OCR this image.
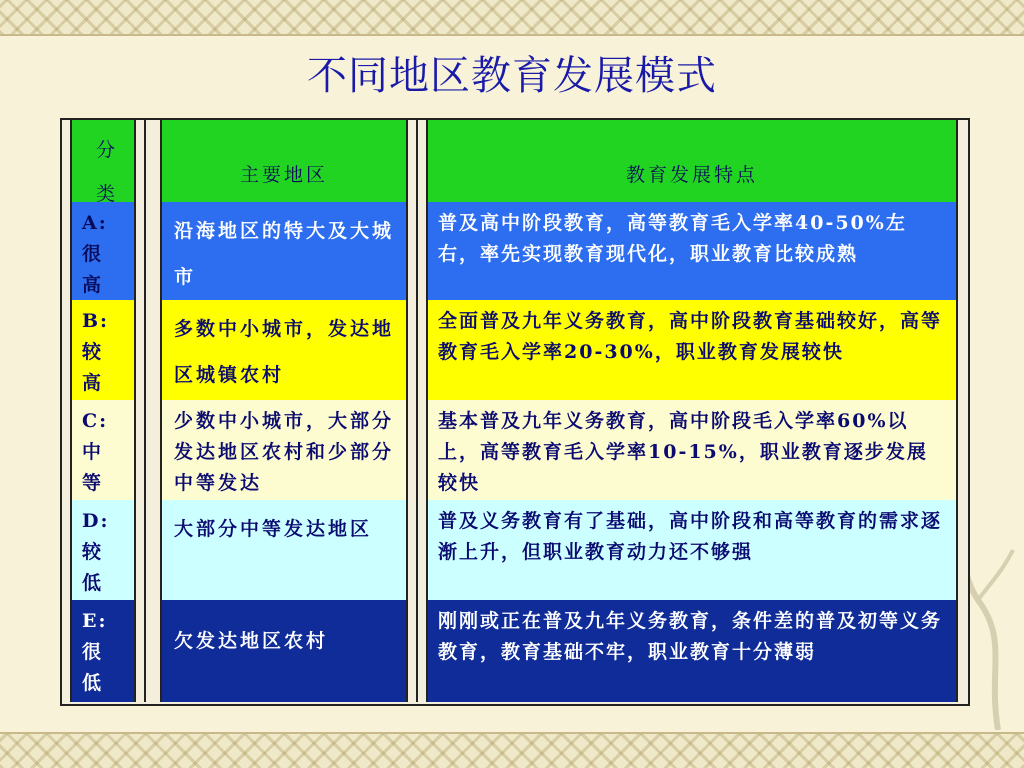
不同地区教育发展模式
分类
主要地区	教育发展特点
A:很高
沿海地区的特大及大城市
普及高中阶段教育，高等教育毛入学率40-50%左右，率先实现教育现代化，职业教育比较成熟
B:较高
多数中小城市，发达地区城镇农村
全面普及九年义务教育，高中阶段教育基础较好，高等教育毛入学率20-30%，职业教育发展较快
C:中等
少数中小城市，大部分发达地区农村和少部分中等发达
基本普及九年义务教育，高中阶段毛入学率60%以上，高等教育毛入学率10-15%，职业教育逐步发展较快
D:较低
大部分中等发达地区	普及义务教育有了基础，高中阶段和高等教育的需求逐渐上升，但职业教育动力还不够强
E:很低
欠发达地区农村
刚刚或正在普及九年义务教育，条件差的普及初等义务教育，教育基础不牢，职业教育十分薄弱
